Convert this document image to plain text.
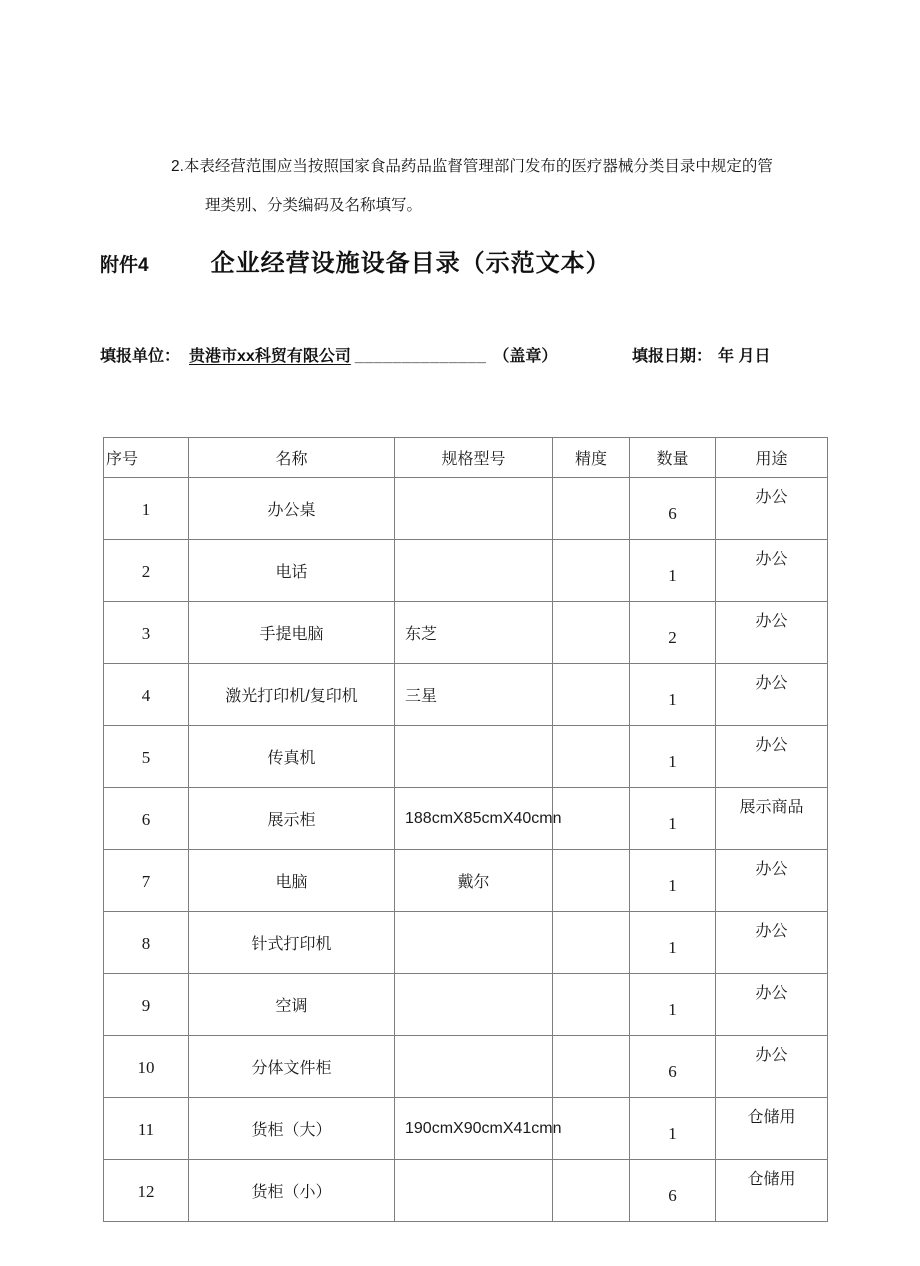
2.本表经营范围应当按照国家食品药品监督管理部门发布的医疗器械分类目录中规定的管
理类别、分类编码及名称填写。
附件4	企业经营设施设备目录（示范文本）
填报单位： 贵港市xx科贸有限公司 ______________ （盖章）	填报日期： 年 月日
序号	名称	规格型号	精度	数量	用途
1	办公桌			6	办公
2	电话			1	办公
3	手提电脑	东芝		2	办公
4	激光打印机/复印机	三星		1	办公
5	传真机			1	办公
6	展示柜	188cmX85cmX40cmn		1	展示商品
7	电脑	戴尔		1	办公
8	针式打印机			1	办公
9	空调			1	办公
10	分体文件柜			6	办公
11	货柜（大）	190cmX90cmX41cmn		1	仓储用
12	货柜（小）			6	仓储用
